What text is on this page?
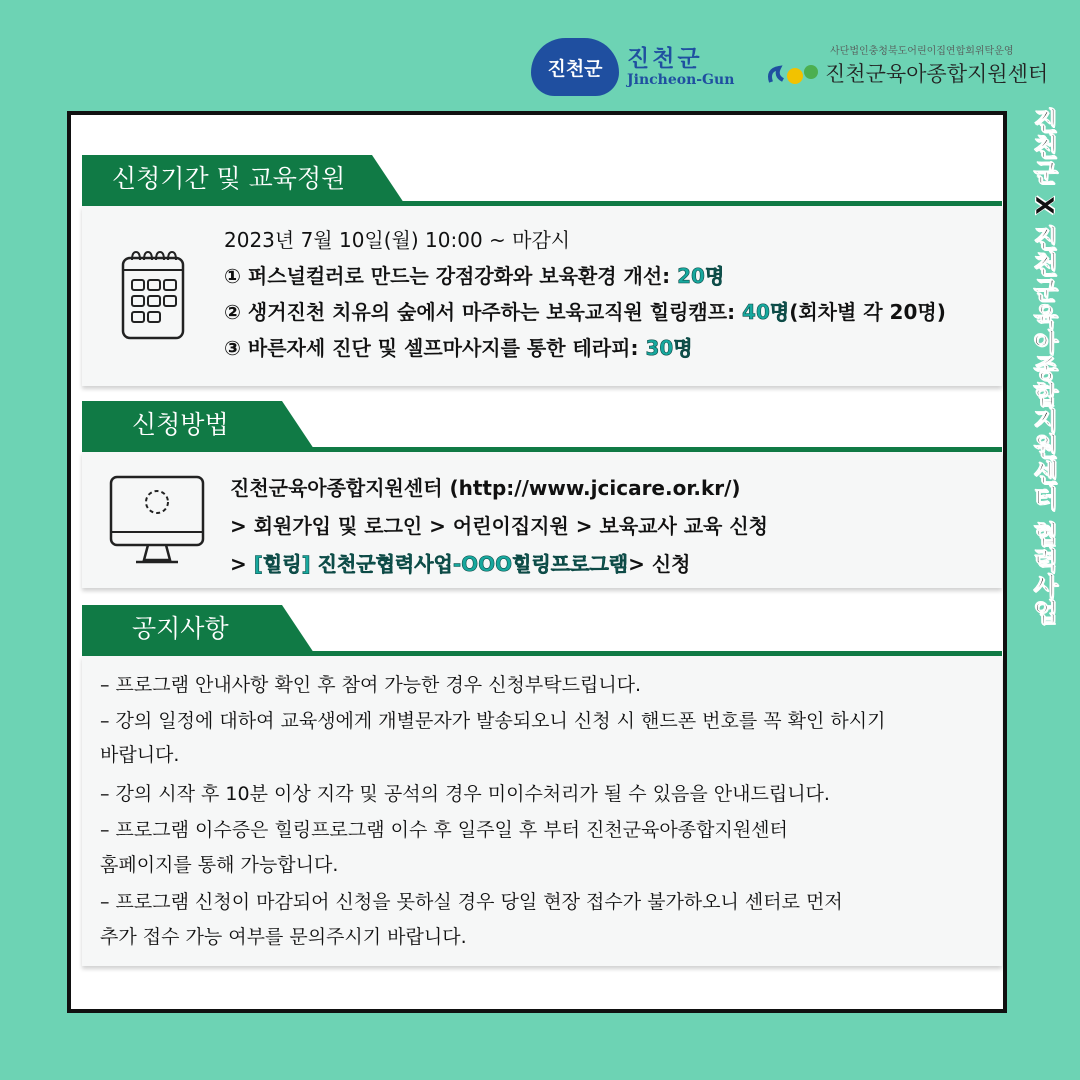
진천군 진천군
Jincheon-Gun
사단법인충청북도어린이집연합회위탁운영
진천군육아종합지원센터
진천군 X 진천군육아종합지원센터 협력사업
신청기간 및 교육정원
2023년 7월 10일(월) 10:00 ~ 마감시
① 퍼스널컬러로 만드는 강점강화와 보육환경 개선: 20명
② 생거진천 치유의 숲에서 마주하는 보육교직원 힐링캠프: 40명(회차별 각 20명)
③ 바른자세 진단 및 셀프마사지를 통한 테라피: 30명
신청방법
진천군육아종합지원센터 (http://www.jcicare.or.kr/)
> 회원가입 및 로그인 > 어린이집지원 > 보육교사 교육 신청
> [힐링] 진천군협력사업-OOO힐링프로그램> 신청
공지사항
– 프로그램 안내사항 확인 후 참여 가능한 경우 신청부탁드립니다.
– 강의 일정에 대하여 교육생에게 개별문자가 발송되오니 신청 시 핸드폰 번호를 꼭 확인 하시기
바랍니다.
– 강의 시작 후 10분 이상 지각 및 공석의 경우 미이수처리가 될 수 있음을 안내드립니다.
– 프로그램 이수증은 힐링프로그램 이수 후 일주일 후 부터 진천군육아종합지원센터
홈페이지를 통해 가능합니다.
– 프로그램 신청이 마감되어 신청을 못하실 경우 당일 현장 접수가 불가하오니 센터로 먼저
추가 접수 가능 여부를 문의주시기 바랍니다.
